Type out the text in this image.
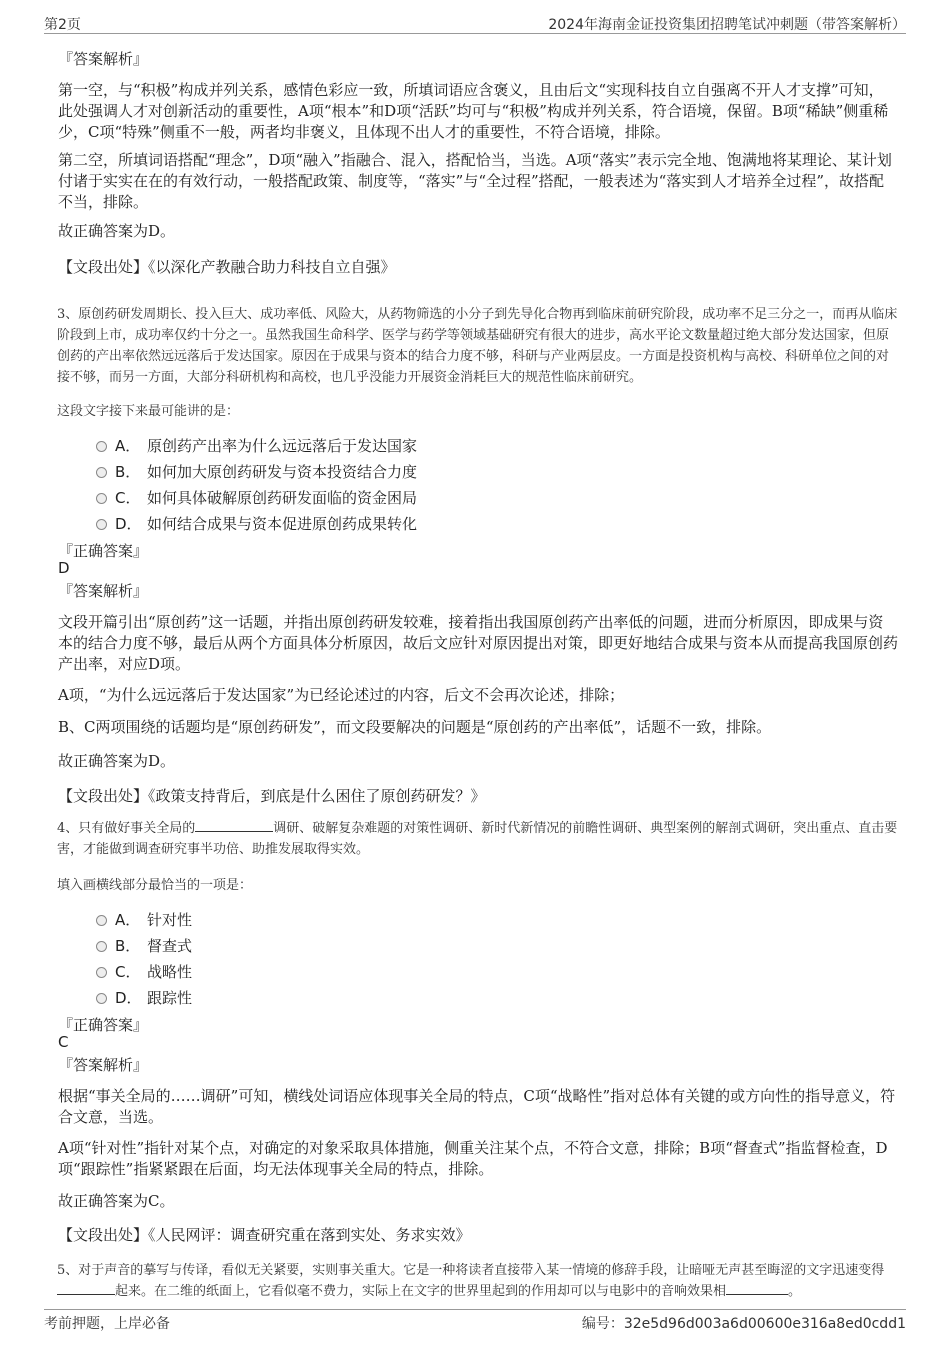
第2页	2024年海南金证投资集团招聘笔试冲刺题（带答案解析）
『答案解析』
第一空，与“积极”构成并列关系，感情色彩应一致，所填词语应含褒义，且由后文“实现科技自立自强离不开人才支撑”可知，此处强调人才对创新活动的重要性，A项“根本”和D项“活跃”均可与“积极”构成并列关系，符合语境，保留。B项“稀缺”侧重稀少，C项“特殊”侧重不一般，两者均非褒义，且体现不出人才的重要性，不符合语境，排除。
第二空，所填词语搭配“理念”，D项“融入”指融合、混入，搭配恰当，当选。A项“落实”表示完全地、饱满地将某理论、某计划付诸于实实在在的有效行动，一般搭配政策、制度等，“落实”与“全过程”搭配，一般表述为“落实到人才培养全过程”，故搭配不当，排除。
故正确答案为D。
【文段出处】《以深化产教融合助力科技自立自强》
3、原创药研发周期长、投入巨大、成功率低、风险大，从药物筛选的小分子到先导化合物再到临床前研究阶段，成功率不足三分之一，而再从临床阶段到上市，成功率仅约十分之一。虽然我国生命科学、医学与药学等领域基础研究有很大的进步，高水平论文数量超过绝大部分发达国家，但原创药的产出率依然远远落后于发达国家。原因在于成果与资本的结合力度不够，科研与产业两层皮。一方面是投资机构与高校、科研单位之间的对接不够，而另一方面，大部分科研机构和高校，也几乎没能力开展资金消耗巨大的规范性临床前研究。
这段文字接下来最可能讲的是：
A． 原创药产出率为什么远远落后于发达国家
B． 如何加大原创药研发与资本投资结合力度
C． 如何具体破解原创药研发面临的资金困局
D． 如何结合成果与资本促进原创药成果转化
『正确答案』
D
『答案解析』
文段开篇引出“原创药”这一话题，并指出原创药研发较难，接着指出我国原创药产出率低的问题，进而分析原因，即成果与资本的结合力度不够，最后从两个方面具体分析原因，故后文应针对原因提出对策，即更好地结合成果与资本从而提高我国原创药产出率，对应D项。
A项，“为什么远远落后于发达国家”为已经论述过的内容，后文不会再次论述，排除；
B、C两项围绕的话题均是“原创药研发”，而文段要解决的问题是“原创药的产出率低”，话题不一致，排除。
故正确答案为D。
【文段出处】《政策支持背后，到底是什么困住了原创药研发？》
4、只有做好事关全局的	调研、破解复杂难题的对策性调研、新时代新情况的前瞻性调研、典型案例的解剖式调研，突出重点、直击要害，才能做到调查研究事半功倍、助推发展取得实效。
填入画横线部分最恰当的一项是：
A． 针对性
B． 督查式
C． 战略性
D． 跟踪性
『正确答案』
C
『答案解析』
根据“事关全局的……调研”可知，横线处词语应体现事关全局的特点，C项“战略性”指对总体有关键的或方向性的指导意义，符合文意，当选。
A项“针对性”指针对某个点，对确定的对象采取具体措施，侧重关注某个点，不符合文意，排除；B项“督查式”指监督检查，D项“跟踪性”指紧紧跟在后面，均无法体现事关全局的特点，排除。
故正确答案为C。
【文段出处】《人民网评：调查研究重在落到实处、务求实效》
5、对于声音的摹写与传译，看似无关紧要，实则事关重大。它是一种将读者直接带入某一情境的修辞手段，让暗哑无声甚至晦涩的文字迅速变得起来。在二维的纸面上，它看似毫不费力，实际上在文字的世界里起到的作用却可以与电影中的音响效果相	。
考前押题，上岸必备	编号：32e5d96d003a6d00600e316a8ed0cdd1
